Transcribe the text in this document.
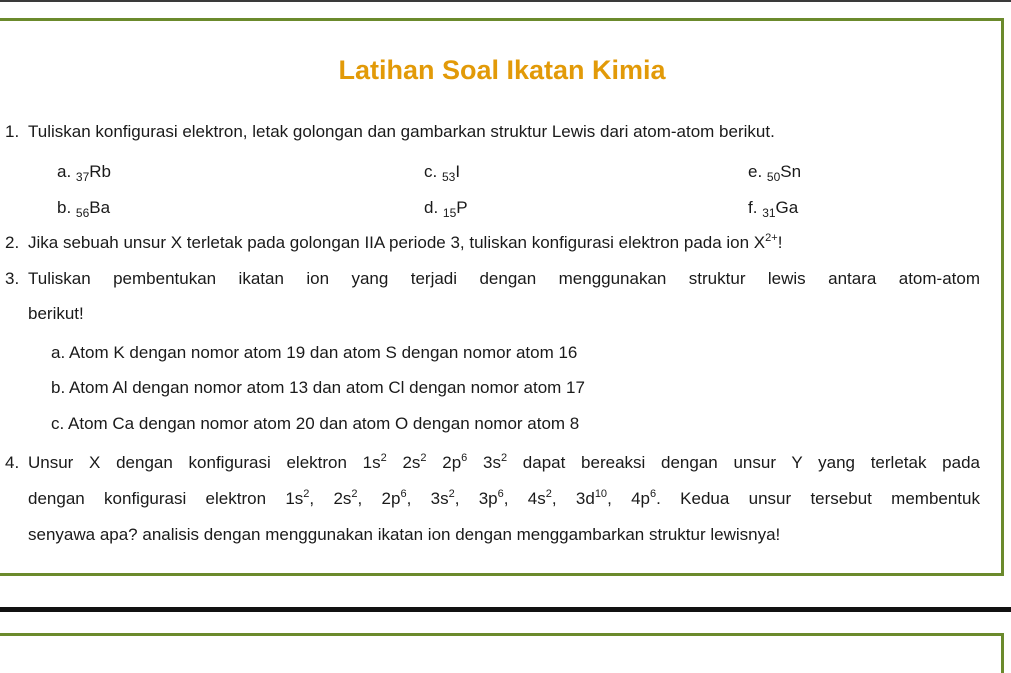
Latihan Soal Ikatan Kimia
1. Tuliskan konfigurasi elektron, letak golongan dan gambarkan struktur Lewis dari atom-atom berikut.
a. $_{37}$Rb	c. $_{53}$I	e. $_{50}$Sn
b. $_{56}$Ba	d. $_{15}$P	f. $_{31}$Ga
2. Jika sebuah unsur X terletak pada golongan IIA periode 3, tuliskan konfigurasi elektron pada ion $X^{2+}$!
3. Tuliskan pembentukan ikatan ion yang terjadi dengan menggunakan struktur lewis antara atom-atom
berikut!
a. Atom K dengan nomor atom 19 dan atom S dengan nomor atom 16
b. Atom Al dengan nomor atom 13 dan atom Cl dengan nomor atom 17
c. Atom Ca dengan nomor atom 20 dan atom O dengan nomor atom 8
4. Unsur X dengan konfigurasi elektron $1s^2$ $2s^2$ $2p^6$ $3s^2$ dapat bereaksi dengan unsur Y yang terletak pada
dengan konfigurasi elektron $1s^2$, $2s^2$, $2p^6$, $3s^2$, $3p^6$, $4s^2$, $3d^{10}$, $4p^6$. Kedua unsur tersebut membentuk
senyawa apa? analisis dengan menggunakan ikatan ion dengan menggambarkan struktur lewisnya!
